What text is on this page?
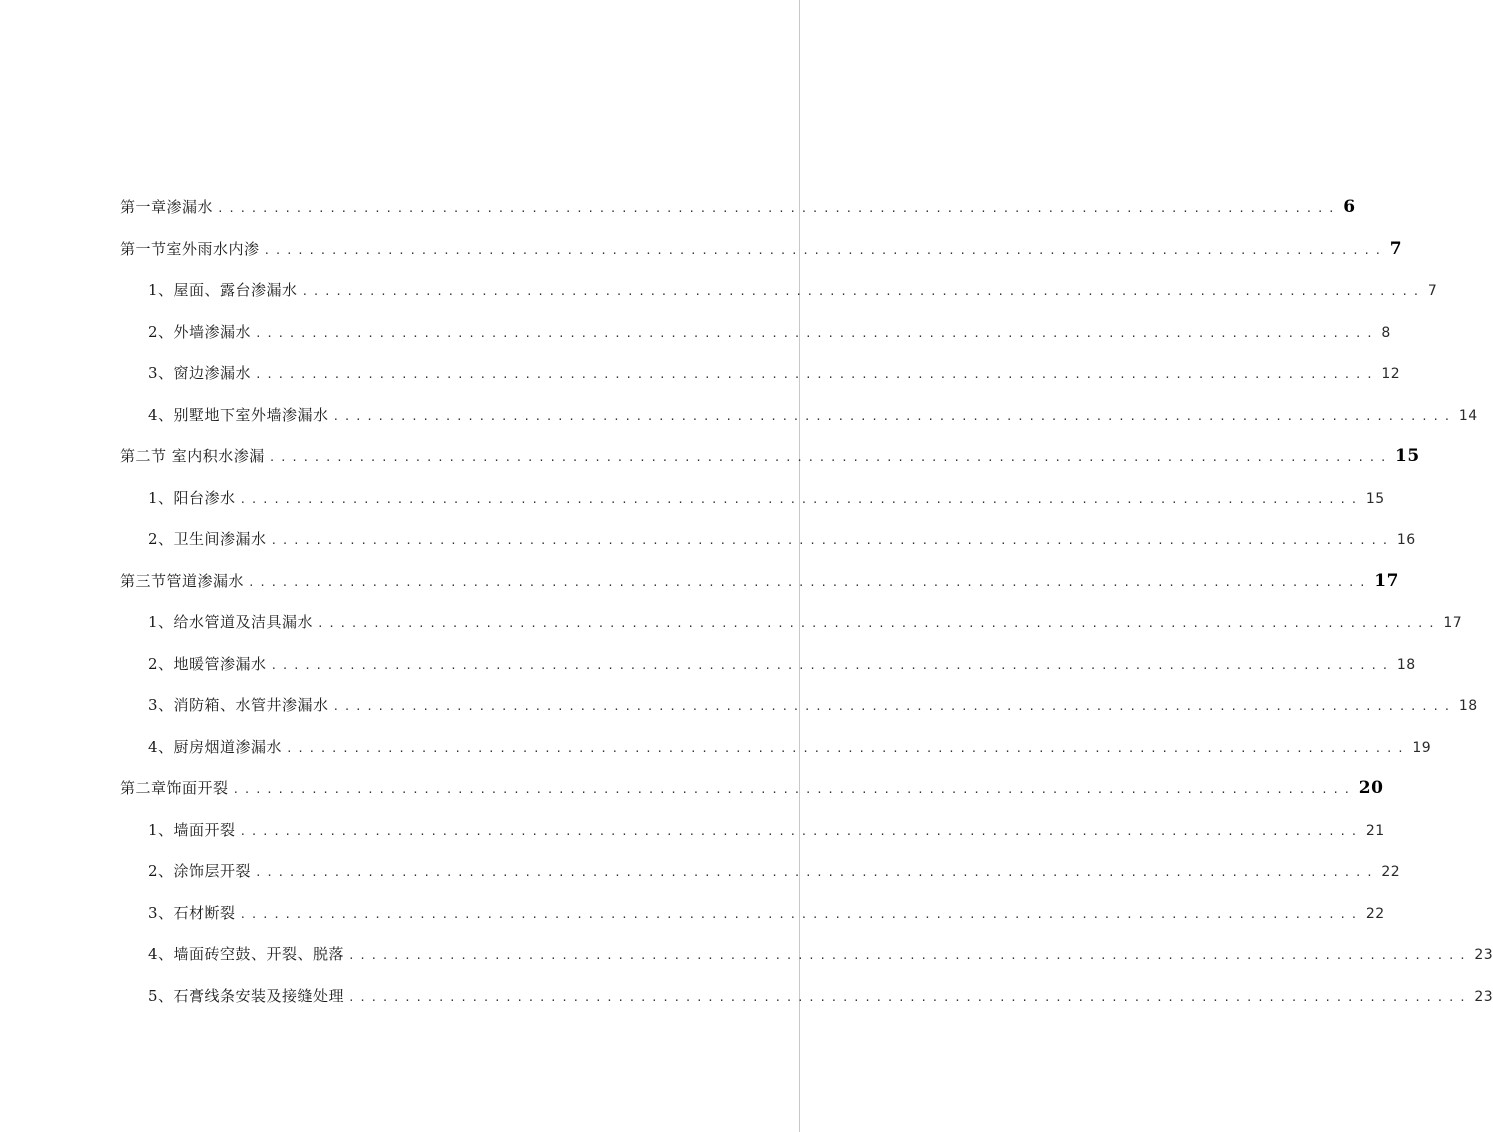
第一章渗漏水 .................................................................................................... 6
第一节室外雨水内渗 .................................................................................................... 7
1、屋面、露台渗漏水 .................................................................................................... 7
2、外墙渗漏水 .................................................................................................... 8
3、窗边渗漏水 .................................................................................................... 12
4、别墅地下室外墙渗漏水 .................................................................................................... 14
第二节 室内积水渗漏 .................................................................................................... 15
1、阳台渗水 .................................................................................................... 15
2、卫生间渗漏水 .................................................................................................... 16
第三节管道渗漏水 .................................................................................................... 17
1、给水管道及洁具漏水 .................................................................................................... 17
2、地暖管渗漏水 .................................................................................................... 18
3、消防箱、水管井渗漏水 .................................................................................................... 18
4、厨房烟道渗漏水 .................................................................................................... 19
第二章饰面开裂 .................................................................................................... 20
1、墙面开裂 .................................................................................................... 21
2、涂饰层开裂 .................................................................................................... 22
3、石材断裂 .................................................................................................... 22
4、墙面砖空鼓、开裂、脱落 .................................................................................................... 23
5、石膏线条安装及接缝处理 .................................................................................................... 23
